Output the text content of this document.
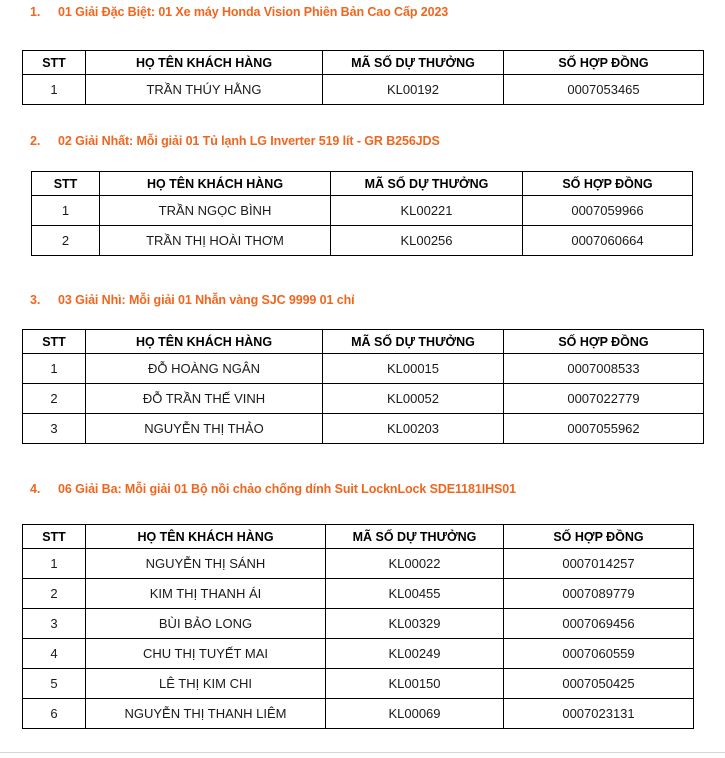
1.	01 Giải Đặc Biệt: 01 Xe máy Honda Vision Phiên Bản Cao Cấp 2023
STT	HỌ TÊN KHÁCH HÀNG	MÃ SỐ DỰ THƯỞNG	SỐ HỢP ĐỒNG
1	TRẦN THÚY HẰNG	KL00192	0007053465
2.	02 Giải Nhất: Mỗi giải 01 Tủ lạnh LG Inverter 519 lít - GR B256JDS
STT	HỌ TÊN KHÁCH HÀNG	MÃ SỐ DỰ THƯỞNG	SỐ HỢP ĐỒNG
1	TRẦN NGỌC BÌNH	KL00221	0007059966
2	TRẦN THỊ HOÀI THƠM	KL00256	0007060664
3.	03 Giải Nhì: Mỗi giải 01 Nhẫn vàng SJC 9999 01 chỉ
STT	HỌ TÊN KHÁCH HÀNG	MÃ SỐ DỰ THƯỞNG	SỐ HỢP ĐỒNG
1	ĐỖ HOÀNG NGÂN	KL00015	0007008533
2	ĐỖ TRẦN THẾ VINH	KL00052	0007022779
3	NGUYỄN THỊ THẢO	KL00203	0007055962
4.	06 Giải Ba: Mỗi giải 01 Bộ nồi chảo chống dính Suit LocknLock SDE1181IHS01
STT	HỌ TÊN KHÁCH HÀNG	MÃ SỐ DỰ THƯỞNG	SỐ HỢP ĐỒNG
1	NGUYỄN THỊ SÁNH	KL00022	0007014257
2	KIM THỊ THANH ÁI	KL00455	0007089779
3	BÙI BẢO LONG	KL00329	0007069456
4	CHU THỊ TUYẾT MAI	KL00249	0007060559
5	LÊ THỊ KIM CHI	KL00150	0007050425
6	NGUYỄN THỊ THANH LIÊM	KL00069	0007023131
